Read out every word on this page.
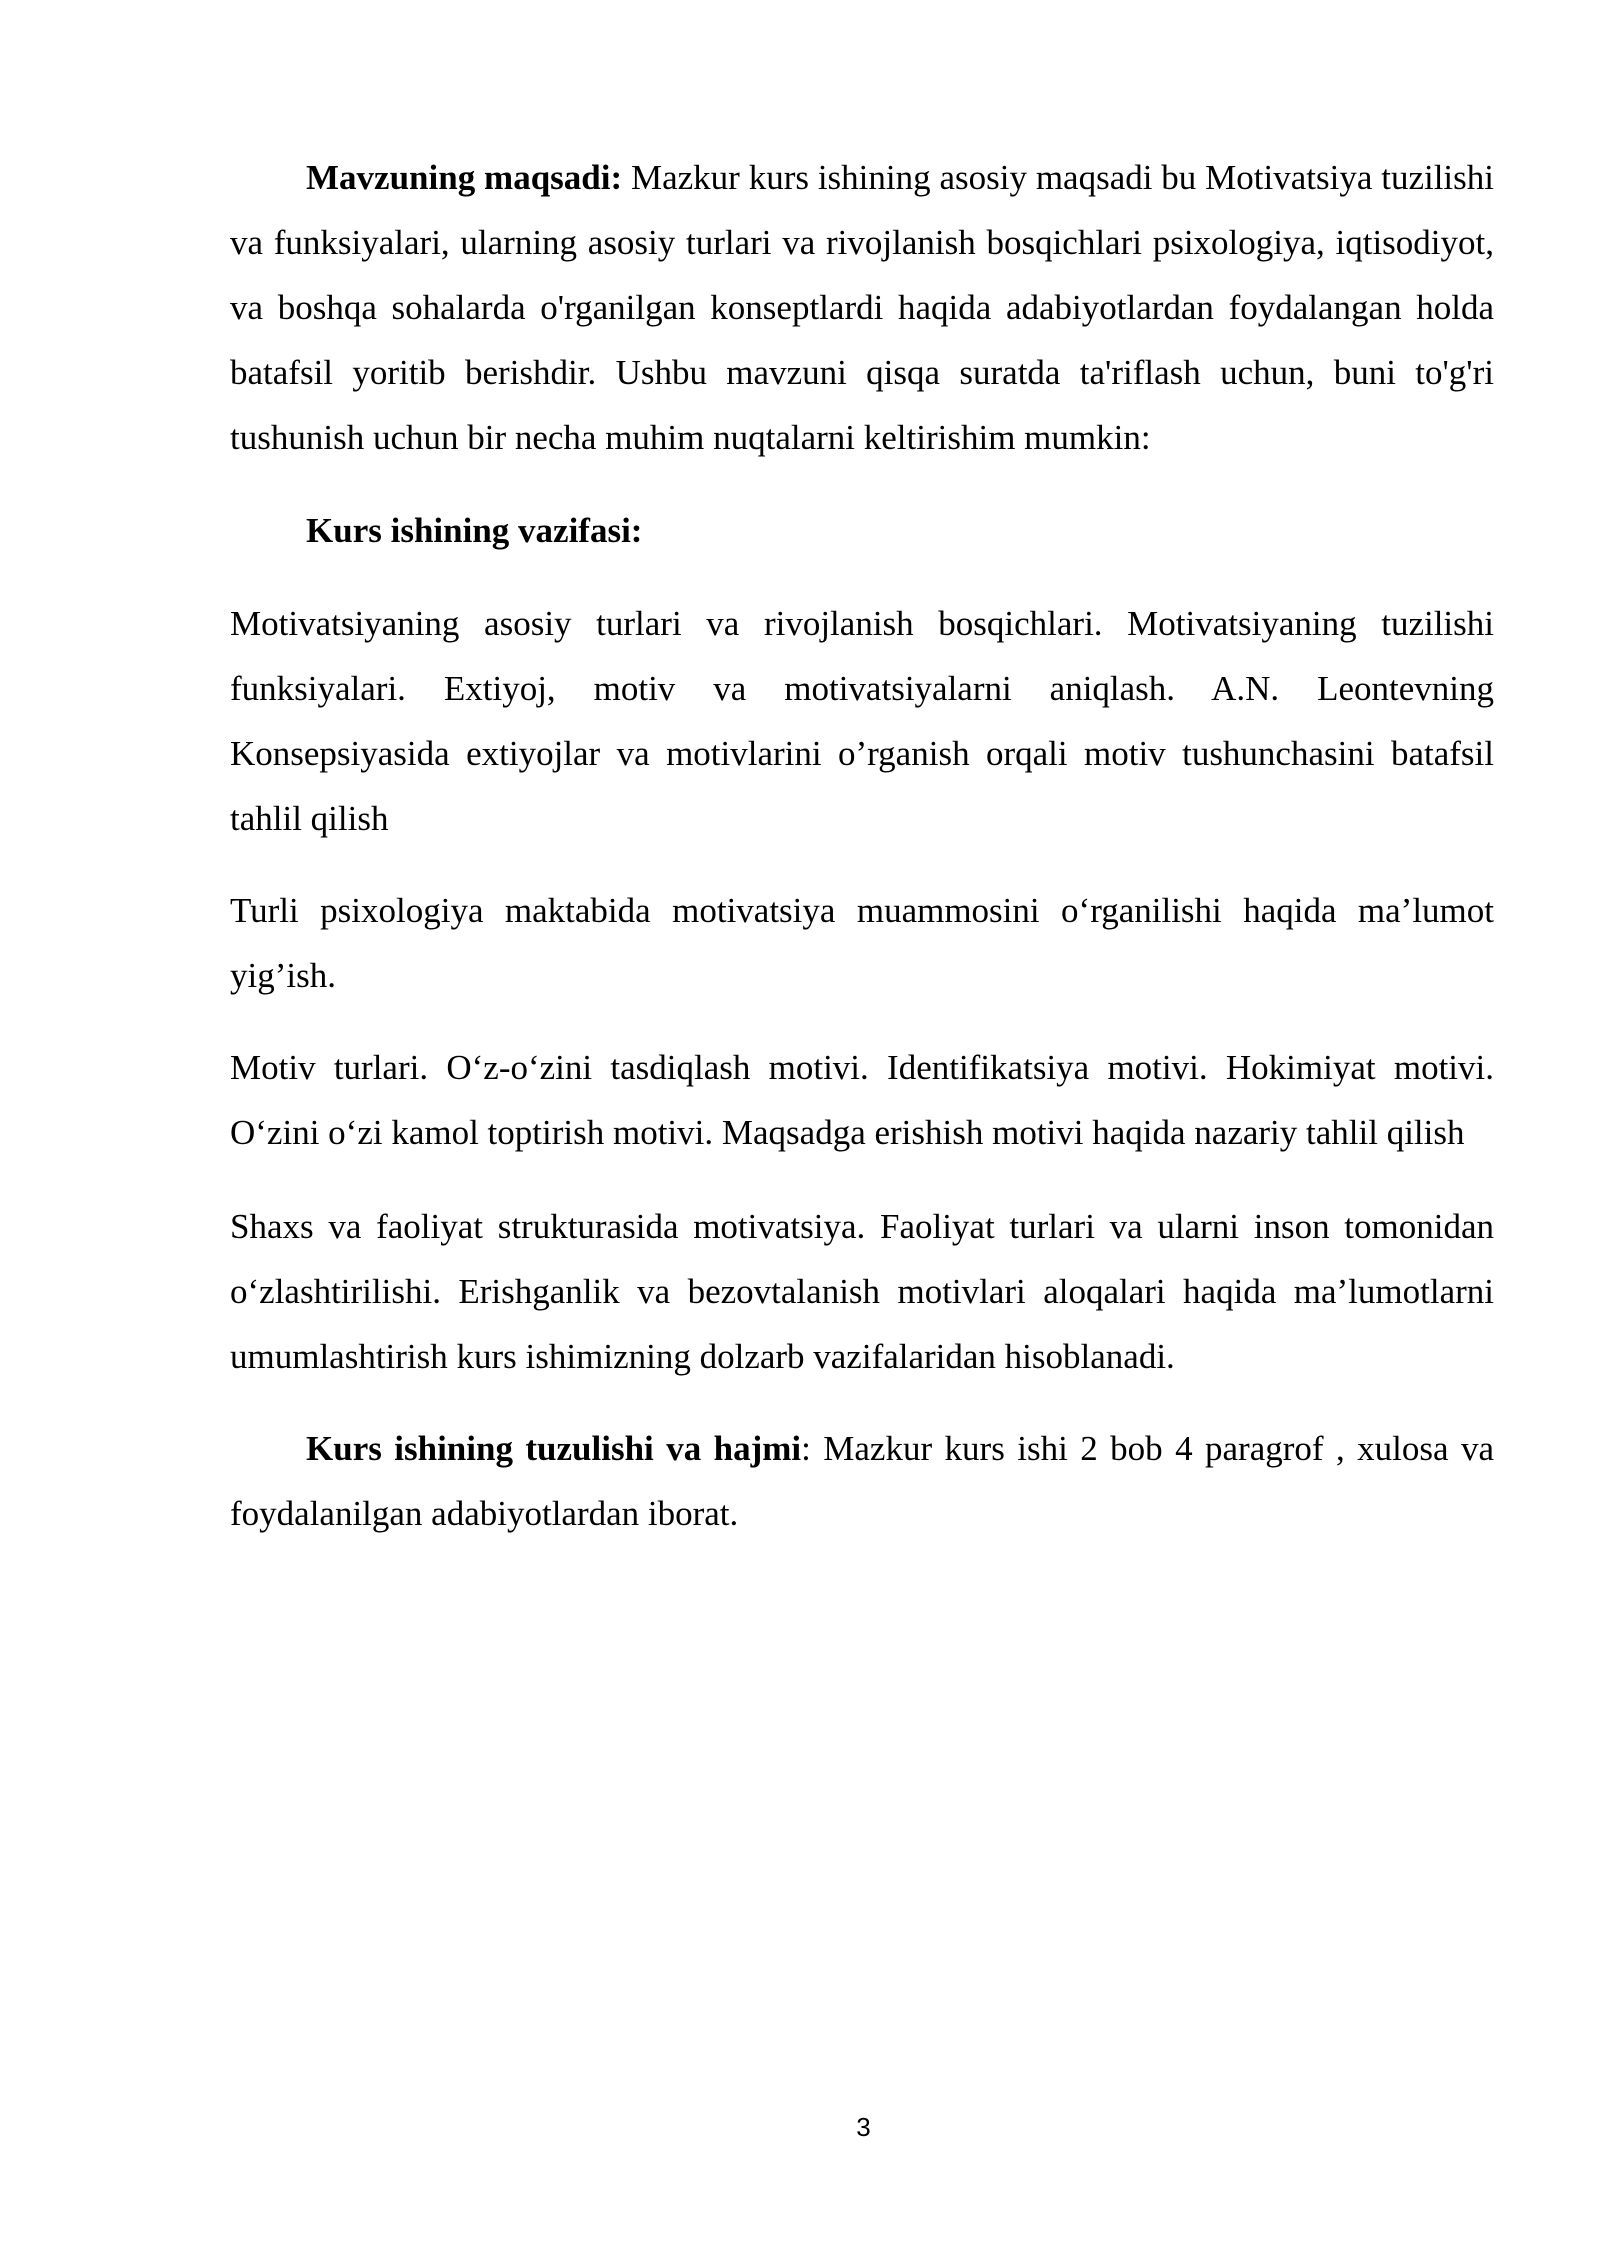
Mavzuning maqsadi: Mazkur kurs ishining asosiy maqsadi bu Motivatsiya tuzilishi va funksiyalari, ularning asosiy turlari va rivojlanish bosqichlari psixologiya, iqtisodiyot, va boshqa sohalarda o'rganilgan konseptlardi haqida adabiyotlardan foydalangan holda batafsil yoritib berishdir. Ushbu mavzuni qisqa suratda ta'riflash uchun, buni to'g'ri tushunish uchun bir necha muhim nuqtalarni keltirishim mumkin:

Kurs ishining vazifasi:

Motivatsiyaning asosiy turlari va rivojlanish bosqichlari. Motivatsiyaning tuzilishi funksiyalari. Extiyoj, motiv va motivatsiyalarni aniqlash. A.N. Leontevning Konsepsiyasida extiyojlar va motivlarini o’rganish orqali motiv tushunchasini batafsil tahlil qilish

Turli psixologiya maktabida motivatsiya muammosini o‘rganilishi haqida ma’lumot yig’ish.

Motiv turlari. O‘z-o‘zini tasdiqlash motivi. Identifikatsiya motivi. Hokimiyat motivi. O‘zini o‘zi kamol toptirish motivi. Maqsadga erishish motivi haqida nazariy tahlil qilish

Shaxs va faoliyat strukturasida motivatsiya. Faoliyat turlari va ularni inson tomonidan o‘zlashtirilishi. Erishganlik va bezovtalanish motivlari aloqalari haqida ma’lumotlarni umumlashtirish kurs ishimizning dolzarb vazifalaridan hisoblanadi.

Kurs ishining tuzulishi va hajmi: Mazkur kurs ishi 2 bob 4 paragrof , xulosa va foydalanilgan adabiyotlardan iborat.

3
